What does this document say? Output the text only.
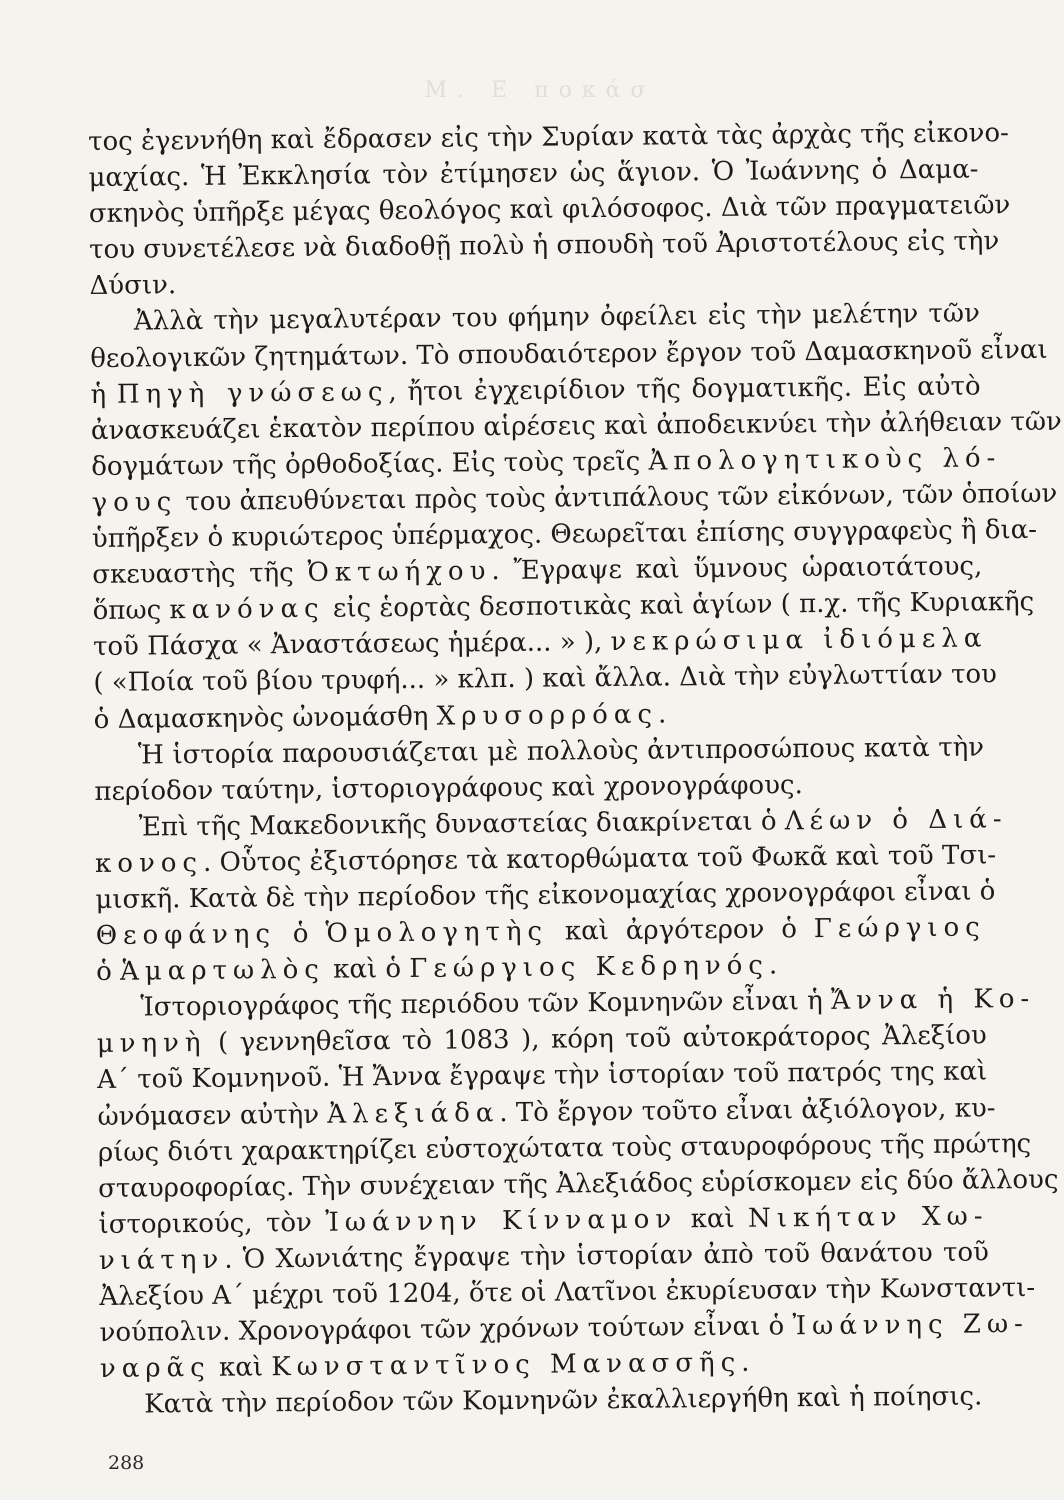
Μ. Ε ποκάσ
τος ἐγεννήθη καὶ ἔδρασεν εἰς τὴν Συρίαν κατὰ τὰς ἀρχὰς τῆς εἰκονο-
μαχίας. Ἡ Ἐκκλησία τὸν ἐτίμησεν ὡς ἅγιον. Ὁ Ἰωάννης ὁ Δαμα-
σκηνὸς ὑπῆρξε μέγας θεολόγος καὶ φιλόσοφος. Διὰ τῶν πραγματειῶν
του συνετέλεσε νὰ διαδοθῇ πολὺ ἡ σπουδὴ τοῦ Ἀριστοτέλους εἰς τὴν
Δύσιν.
Ἀλλὰ τὴν μεγαλυτέραν του φήμην ὀφείλει εἰς τὴν μελέτην τῶν
θεολογικῶν ζητημάτων. Τὸ σπουδαιότερον ἔργον τοῦ Δαμασκηνοῦ εἶναι
ἡ Πηγὴ γνώσεως, ἤτοι ἐγχειρίδιον τῆς δογματικῆς. Εἰς αὐτὸ
ἀνασκευάζει ἑκατὸν περίπου αἱρέσεις καὶ ἀποδεικνύει τὴν ἀλήθειαν τῶν
δογμάτων τῆς ὀρθοδοξίας. Εἰς τοὺς τρεῖς Ἀπολογητικοὺς λό-
γους του ἀπευθύνεται πρὸς τοὺς ἀντιπάλους τῶν εἰκόνων, τῶν ὁποίων
ὑπῆρξεν ὁ κυριώτερος ὑπέρμαχος. Θεωρεῖται ἐπίσης συγγραφεὺς ἢ δια-
σκευαστὴς τῆς Ὀκτωήχου. Ἔγραψε καὶ ὕμνους ὡραιοτάτους,
ὅπως κανόνας εἰς ἑορτὰς δεσποτικὰς καὶ ἁγίων ( π.χ. τῆς Κυριακῆς
τοῦ Πάσχα « Ἀναστάσεως ἡμέρα... » ), νεκρώσιμα ἰδιόμελα
( «Ποία τοῦ βίου τρυφή... » κλπ. ) καὶ ἄλλα. Διὰ τὴν εὐγλωττίαν του
ὁ Δαμασκηνὸς ὠνομάσθη Χρυσορρόας.
Ἡ ἱστορία παρουσιάζεται μὲ πολλοὺς ἀντιπροσώπους κατὰ τὴν
περίοδον ταύτην, ἱστοριογράφους καὶ χρονογράφους.
Ἐπὶ τῆς Μακεδονικῆς δυναστείας διακρίνεται ὁ Λέων ὁ Διά-
κονος. Οὗτος ἐξιστόρησε τὰ κατορθώματα τοῦ Φωκᾶ καὶ τοῦ Τσι-
μισκῆ. Κατὰ δὲ τὴν περίοδον τῆς εἰκονομαχίας χρονογράφοι εἶναι ὁ
Θεοφάνης ὁ Ὁμολογητὴς καὶ ἀργότερον ὁ Γεώργιος
ὁ Ἁμαρτωλὸς καὶ ὁ Γεώργιος Κεδρηνός.
Ἱστοριογράφος τῆς περιόδου τῶν Κομνηνῶν εἶναι ἡ Ἄννα ἡ Κο-
μνηνὴ ( γεννηθεῖσα τὸ 1083 ), κόρη τοῦ αὐτοκράτορος Ἀλεξίου
Α΄ τοῦ Κομνηνοῦ. Ἡ Ἄννα ἔγραψε τὴν ἱστορίαν τοῦ πατρός της καὶ
ὠνόμασεν αὐτὴν Ἀλεξιάδα. Τὸ ἔργον τοῦτο εἶναι ἀξιόλογον, κυ-
ρίως διότι χαρακτηρίζει εὐστοχώτατα τοὺς σταυροφόρους τῆς πρώτης
σταυροφορίας. Τὴν συνέχειαν τῆς Ἀλεξιάδος εὑρίσκομεν εἰς δύο ἄλλους
ἱστορικούς, τὸν Ἰωάννην Κίνναμον καὶ Νικήταν Χω-
νιάτην. Ὁ Χωνιάτης ἔγραψε τὴν ἱστορίαν ἀπὸ τοῦ θανάτου τοῦ
Ἀλεξίου Α΄ μέχρι τοῦ 1204, ὅτε οἱ Λατῖνοι ἐκυρίευσαν τὴν Κωνσταντι-
νούπολιν. Χρονογράφοι τῶν χρόνων τούτων εἶναι ὁ Ἰωάννης Ζω-
ναρᾶς καὶ Κωνσταντῖνος Μανασσῆς.
Κατὰ τὴν περίοδον τῶν Κομνηνῶν ἐκαλλιεργήθη καὶ ἡ ποίησις.
288
